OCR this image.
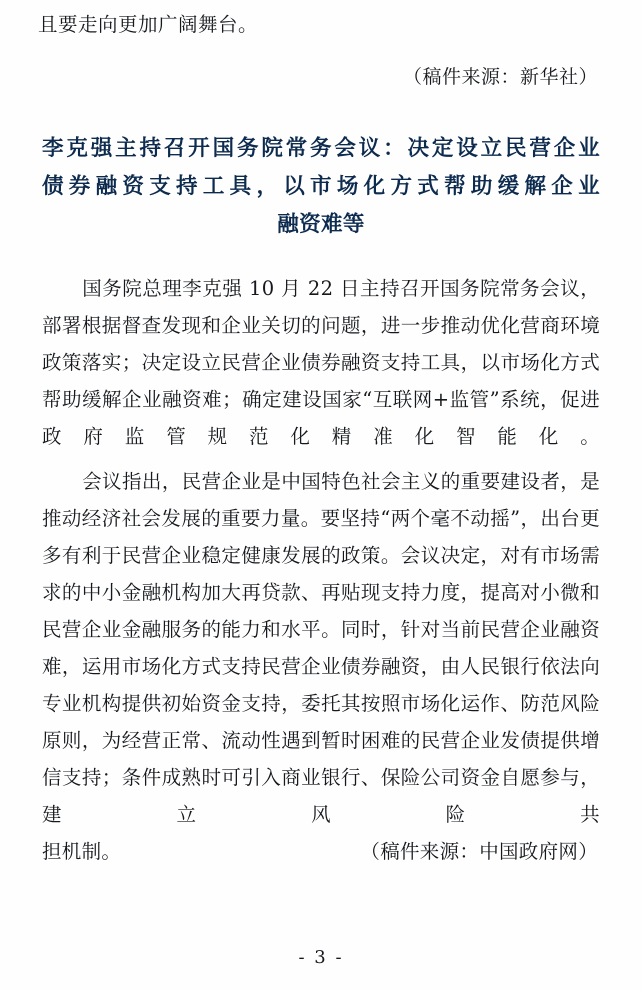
且要走向更加广阔舞台。

（稿件来源：新华社）

李克强主持召开国务院常务会议：决定设立民营企业
债券融资支持工具，以市场化方式帮助缓解企业
融资难等

国务院总理李克强 10 月 22 日主持召开国务院常务会议，部署根据督查发现和企业关切的问题，进一步推动优化营商环境政策落实；决定设立民营企业债券融资支持工具，以市场化方式帮助缓解企业融资难；确定建设国家“互联网+监管”系统，促进政府监管规范化精准化智能化。

会议指出，民营企业是中国特色社会主义的重要建设者，是推动经济社会发展的重要力量。要坚持“两个毫不动摇”，出台更多有利于民营企业稳定健康发展的政策。会议决定，对有市场需求的中小金融机构加大再贷款、再贴现支持力度，提高对小微和民营企业金融服务的能力和水平。同时，针对当前民营企业融资难，运用市场化方式支持民营企业债券融资，由人民银行依法向专业机构提供初始资金支持，委托其按照市场化运作、防范风险原则，为经营正常、流动性遇到暂时困难的民营企业发债提供增信支持；条件成熟时可引入商业银行、保险公司资金自愿参与，建立风险共

担机制。	（稿件来源：中国政府网）
- 3 -
